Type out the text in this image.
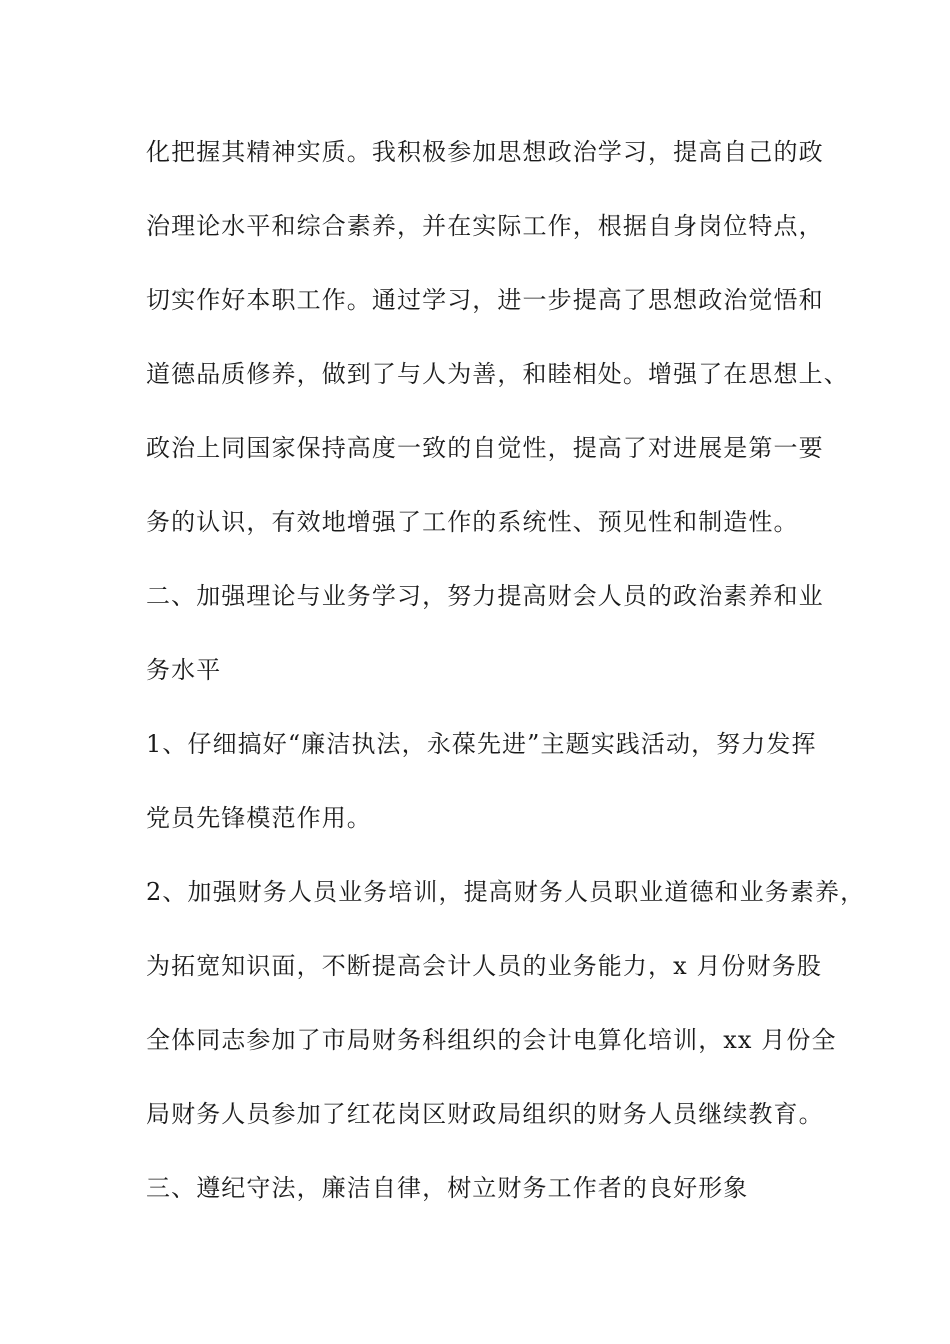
化把握其精神实质。我积极参加思想政治学习，提高自己的政
治理论水平和综合素养，并在实际工作，根据自身岗位特点，
切实作好本职工作。通过学习，进一步提高了思想政治觉悟和
道德品质修养，做到了与人为善，和睦相处。增强了在思想上、
政治上同国家保持高度一致的自觉性，提高了对进展是第一要
务的认识，有效地增强了工作的系统性、预见性和制造性。
二、加强理论与业务学习，努力提高财会人员的政治素养和业
务水平
1、仔细搞好“廉洁执法，永葆先进”主题实践活动，努力发挥
党员先锋模范作用。
2、加强财务人员业务培训，提高财务人员职业道德和业务素养，
为拓宽知识面，不断提高会计人员的业务能力，x 月份财务股
全体同志参加了市局财务科组织的会计电算化培训，xx 月份全
局财务人员参加了红花岗区财政局组织的财务人员继续教育。
三、遵纪守法，廉洁自律，树立财务工作者的良好形象
